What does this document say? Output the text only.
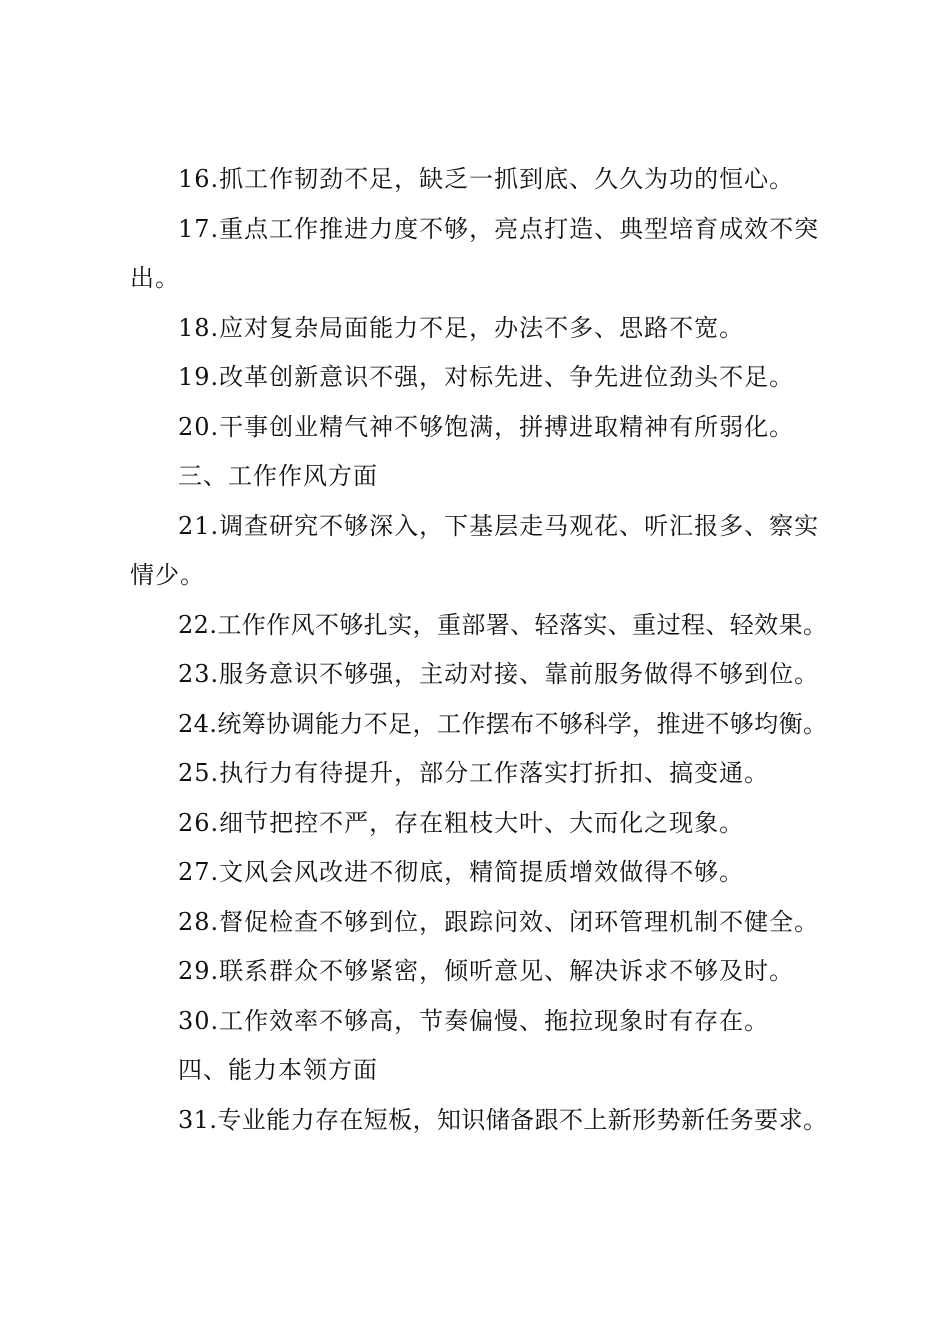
16.抓工作韧劲不足，缺乏一抓到底、久久为功的恒心。
17.重点工作推进力度不够，亮点打造、典型培育成效不突
出。
18.应对复杂局面能力不足，办法不多、思路不宽。
19.改革创新意识不强，对标先进、争先进位劲头不足。
20.干事创业精气神不够饱满，拼搏进取精神有所弱化。
三、工作作风方面
21.调查研究不够深入，下基层走马观花、听汇报多、察实
情少。
22.工作作风不够扎实，重部署、轻落实、重过程、轻效果。
23.服务意识不够强，主动对接、靠前服务做得不够到位。
24.统筹协调能力不足，工作摆布不够科学，推进不够均衡。
25.执行力有待提升，部分工作落实打折扣、搞变通。
26.细节把控不严，存在粗枝大叶、大而化之现象。
27.文风会风改进不彻底，精简提质增效做得不够。
28.督促检查不够到位，跟踪问效、闭环管理机制不健全。
29.联系群众不够紧密，倾听意见、解决诉求不够及时。
30.工作效率不够高，节奏偏慢、拖拉现象时有存在。
四、能力本领方面
31.专业能力存在短板，知识储备跟不上新形势新任务要求。
